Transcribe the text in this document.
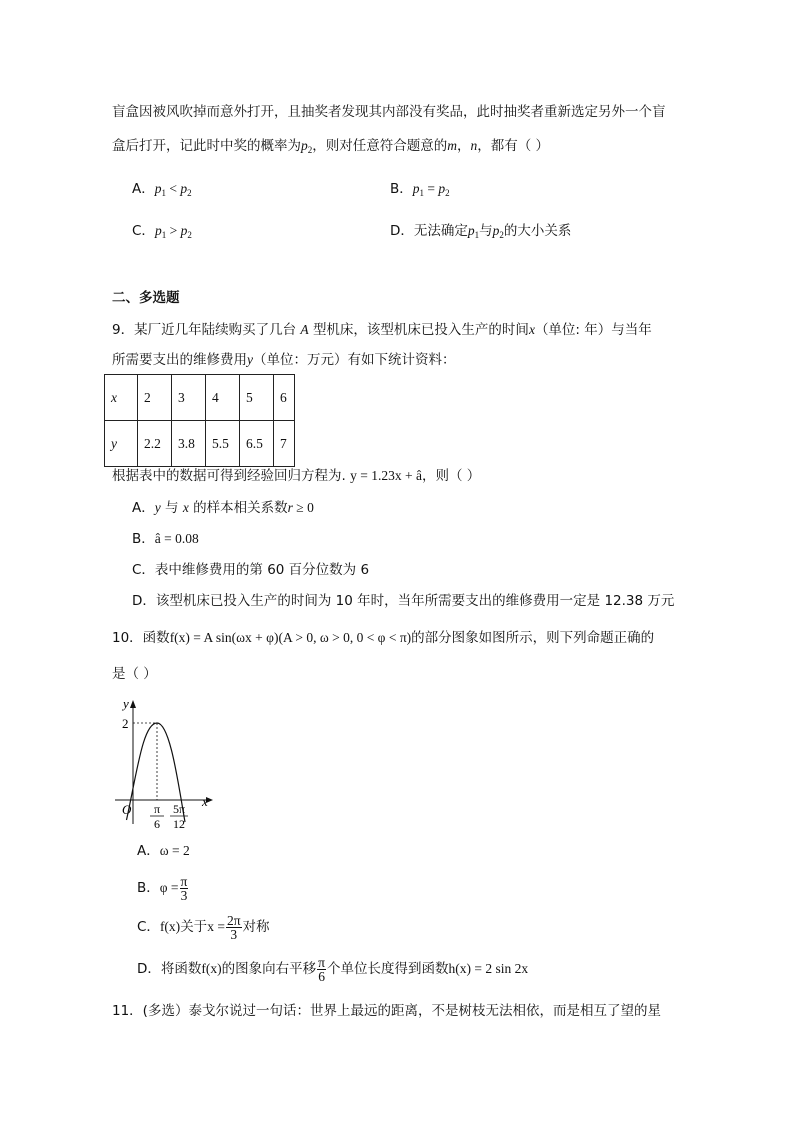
盲盒因被风吹掉而意外打开，且抽奖者发现其内部没有奖品，此时抽奖者重新选定另外一个盲
盒后打开，记此时中奖的概率为$p_2$，则对任意符合题意的m，n，都有（ ）
A．$p_1 < p_2$	B．$p_1 = p_2$
C．$p_1 > p_2$	D．无法确定$p_1$与$p_2$的大小关系
二、多选题
9．某厂近几年陆续购买了几台 A 型机床，该型机床已投入生产的时间x（单位: 年）与当年
所需要支出的维修费用y（单位：万元）有如下统计资料：
x	2	3	4	5	6
y	2.2	3.8	5.5	6.5	7
根据表中的数据可得到经验回归方程为. y = 1.23x + â，则（ ）
A．y 与 x 的样本相关系数r ≥ 0
B．â = 0.08
C．表中维修费用的第 60 百分位数为 6
D．该型机床已投入生产的时间为 10 年时，当年所需要支出的维修费用一定是 12.38 万元
10．函数f(x) = A sin(ωx + φ)(A > 0, ω > 0, 0 < φ < π)的部分图象如图所示，则下列命题正确的
是（ ）
y
x
O
2
π
6
5π
12
A．ω = 2
B．$\varphi = \frac{\pi}{3}$
C．f(x)关于$x = \frac{2\pi}{3}$ 对称
D．将函数f(x)的图象向右平移 $\frac{\pi}{6}$ 个单位长度得到函数h(x) = 2 sin 2x
11．(多选）泰戈尔说过一句话：世界上最远的距离，不是树枝无法相依，而是相互了望的星
